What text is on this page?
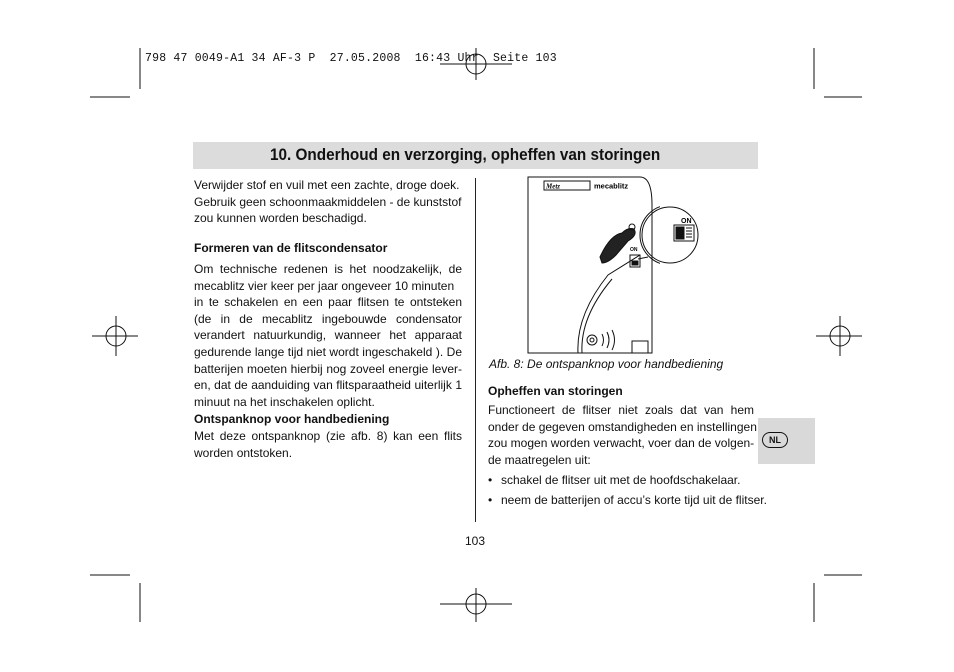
798 47 0049-A1 34 AF-3 P  27.05.2008  16:43 Uhr  Seite 103
10. Onderhoud en verzorging, opheffen van storingen

Verwijder stof en vuil met een zachte, droge doek.
Gebruik geen schoonmaakmiddelen - de kunststof
zou kunnen worden beschadigd.

Formeren van de flitscondensator
Om technische redenen is het noodzakelijk, de
mecablitz vier keer per jaar ongeveer 10 minuten
in te schakelen en een paar flitsen te ontsteken
(de in de mecablitz ingebouwde condensator
verandert natuurkundig, wanneer het apparaat
gedurende lange tijd niet wordt ingeschakeld ). De
batterijen moeten hierbij nog zoveel energie lever-
en, dat de aanduiding van flitsparaatheid uiterlijk 1
minuut na het inschakelen oplicht.
Ontspanknop voor handbediening
Met deze ontspanknop (zie afb. 8) kan een flits
worden ontstoken.
Metz	mecablitz
ON
ON
Afb. 8: De ontspanknop voor handbediening
Opheffen van storingen
Functioneert de flitser niet zoals dat van hem
onder de gegeven omstandigheden en instellingen
zou mogen worden verwacht, voer dan de volgen-
de maatregelen uit:
• schakel de flitser uit met de hoofdschakelaar.
• neem de batterijen of accu’s korte tijd uit de flitser.
NL
103
